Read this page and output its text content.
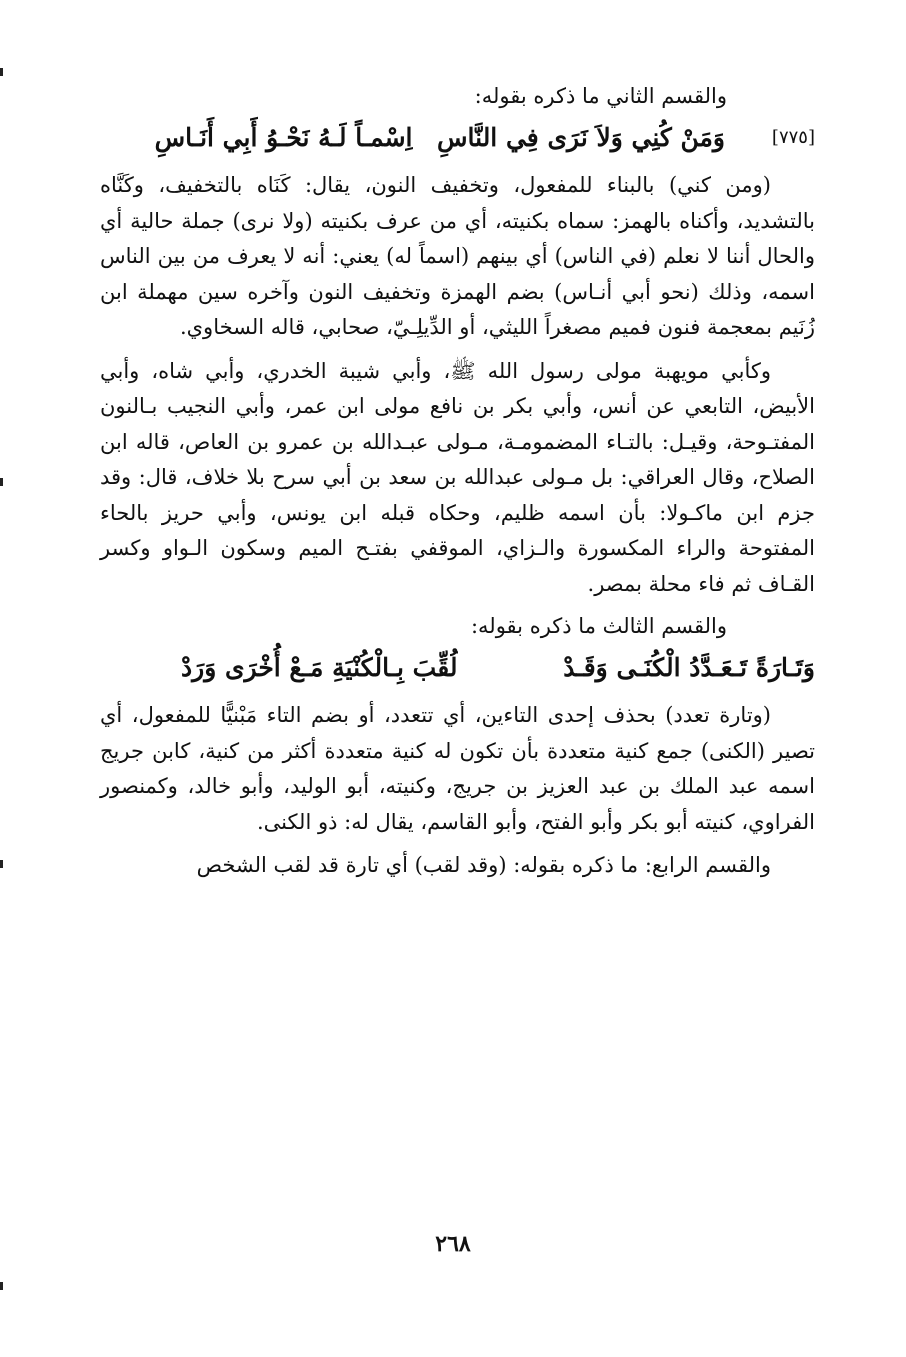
والقسم الثاني ما ذكره بقوله:

[٧٧٥]
وَمَنْ كُنِي وَلاَ نَرَى فِي النَّاسِ
اِسْمـاً لَـهُ نَحْـوُ أَبِي أَنَـاسِ

(ومن كني) بالبناء للمفعول، وتخفيف النون، يقال: كَنَاه بالتخفيف، وكَنَّاه بالتشديد، وأكناه بالهمز: سماه بكنيته، أي من عرف بكنيته (ولا نرى) جملة حالية أي والحال أننا لا نعلم (في الناس) أي بينهم (اسماً له) يعني: أنه لا يعرف من بين الناس اسمه، وذلك (نحو أبي أنـاس) بضم الهمزة وتخفيف النون وآخره سين مهملة ابن زُنَيم بمعجمة فنون فميم مصغراً الليثي، أو الدِّيلِـيّ، صحابي، قاله السخاوي.

وكأبي مويهبة مولى رسول الله ﷺ، وأبي شيبة الخدري، وأبي شاه، وأبي الأبيض، التابعي عن أنس، وأبي بكر بن نافع مولى ابن عمر، وأبي النجيب بـالنون المفتـوحة، وقيـل: بالتـاء المضمومـة، مـولى عبـدالله بن عمرو بن العاص، قاله ابن الصلاح، وقال العراقي: بل مـولى عبدالله بن سعد بن أبي سرح بلا خلاف، قال: وقد جزم ابن ماكـولا: بأن اسمه ظليم، وحكاه قبله ابن يونس، وأبي حريز بالحاء المفتوحة والراء المكسورة والـزاي، الموقفي بفتـح الميم وسكون الـواو وكسر القـاف ثم فاء محلة بمصر.

والقسم الثالث ما ذكره بقوله:

وَتَـارَةً تَـعَـدَّدُ الْكُنَـى وَقَـدْ
لُقِّبَ بِـالْكُنْيَةِ مَـعْ أُخْرَى وَرَدْ

(وتارة تعدد) بحذف إحدى التاءين، أي تتعدد، أو بضم التاء مَبْنيًّا للمفعول، أي تصير (الكنى) جمع كنية متعددة بأن تكون له كنية متعددة أكثر من كنية، كابن جريج اسمه عبد الملك بن عبد العزيز بن جريج، وكنيته، أبو الوليد، وأبو خالد، وكمنصور الفراوي، كنيته أبو بكر وأبو الفتح، وأبو القاسم، يقال له: ذو الكنى.

والقسم الرابع: ما ذكره بقوله: (وقد لقب) أي تارة قد لقب الشخص

٢٦٨
